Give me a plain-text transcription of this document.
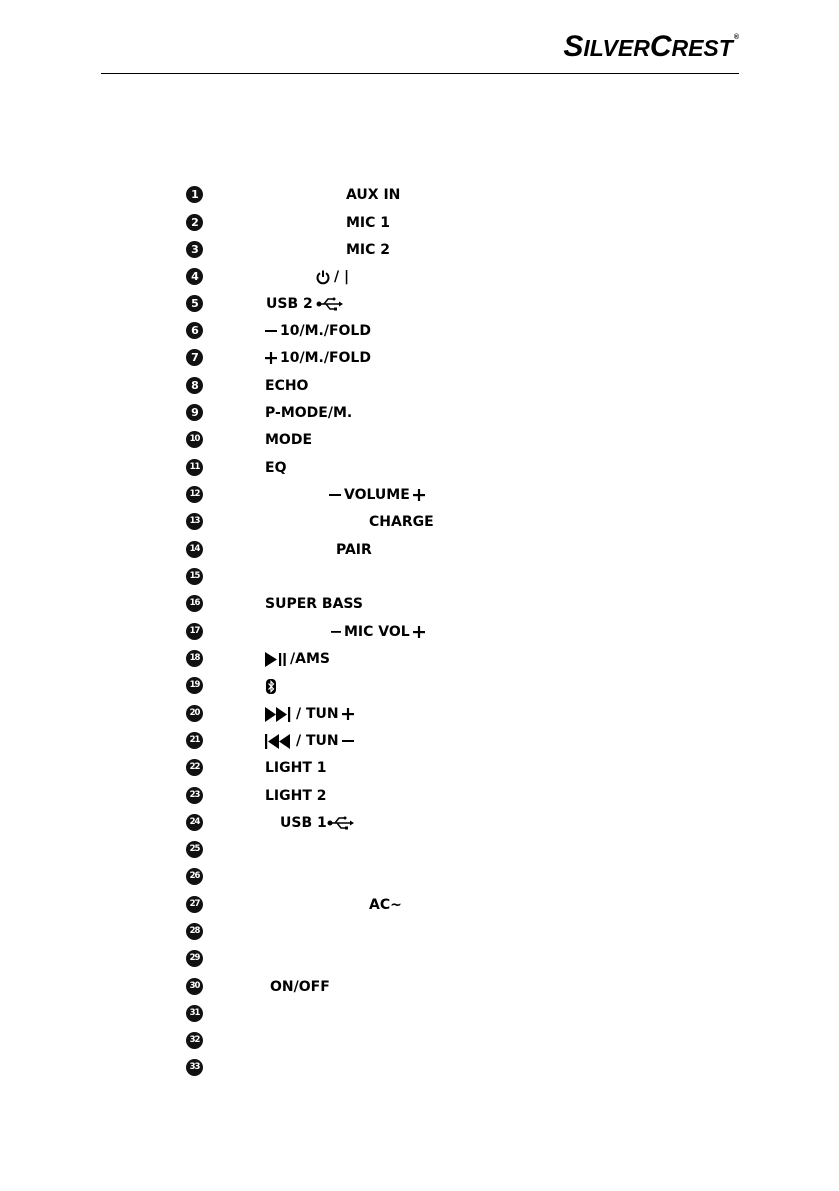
SILVERCREST®
1	AUX IN
2	MIC 1
3	MIC 2
4	/ |
5	USB 2
6	10/M./FOLD
7	10/M./FOLD
8	ECHO
9	P-MODE/M.
10	MODE
11	EQ
12	VOLUME
13	CHARGE
14	PAIR
15
16	SUPER BASS
17	MIC VOL
18	/AMS
19
20	/ TUN
21	/ TUN
22	LIGHT 1
23	LIGHT 2
24	USB 1
25
26
27	AC~
28
29
30	ON/OFF
31
32
33
